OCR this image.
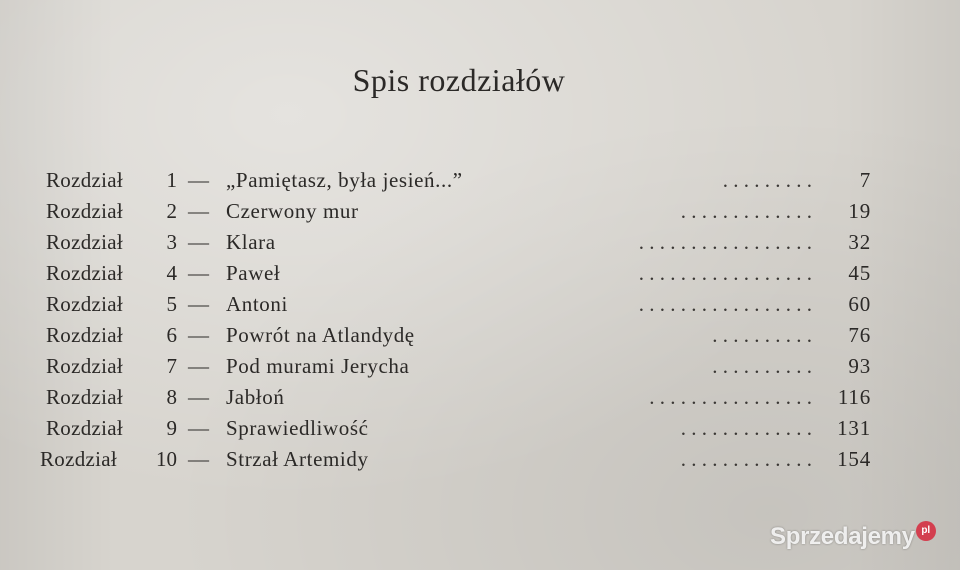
Spis rozdziałów
Rozdział 1 — „Pamiętasz, była jesień...”	. . . . . . . . . 7
Rozdział 2 — Czerwony mur	. . . . . . . . . . . . . 19
Rozdział 3 — Klara	. . . . . . . . . . . . . . . . . 32
Rozdział 4 — Paweł	. . . . . . . . . . . . . . . . . 45
Rozdział 5 — Antoni	. . . . . . . . . . . . . . . . . 60
Rozdział 6 — Powrót na Atlandydę	. . . . . . . . . . 76
Rozdział 7 — Pod murami Jerycha	. . . . . . . . . . 93
Rozdział 8 — Jabłoń	. . . . . . . . . . . . . . . . 116
Rozdział 9 — Sprawiedliwość	. . . . . . . . . . . . . 131
Rozdział 10 — Strzał Artemidy	. . . . . . . . . . . . . 154
Sprzedajemy pl
